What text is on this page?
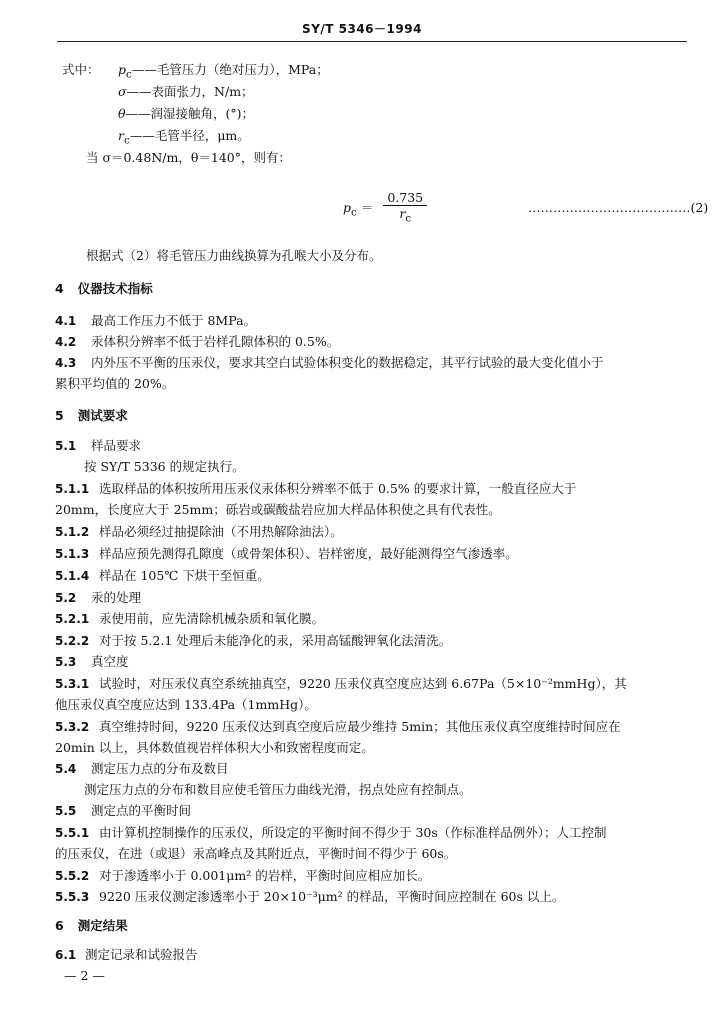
SY/T 5346－1994
式中： $p_c——$毛管压力（绝对压力），MPa；
σ——表面张力，N/m；
θ——润湿接触角，(°)；
$r_c——$毛管半径，μm。
当 σ＝0.48N/m，θ＝140°，则有：
$p_c = \frac{0.735}{r_c}$	…………………………………(2)
根据式（2）将毛管压力曲线换算为孔喉大小及分布。
4 仪器技术指标
4.1 最高工作压力不低于 8MPa。
4.2 汞体积分辨率不低于岩样孔隙体积的 0.5%。
4.3 内外压不平衡的压汞仪，要求其空白试验体积变化的数据稳定，其平行试验的最大变化值小于
累积平均值的 20%。
5 测试要求
5.1 样品要求
按 SY/T 5336 的规定执行。
5.1.1 选取样品的体积按所用压汞仪汞体积分辨率不低于 0.5% 的要求计算，一般直径应大于
20mm，长度应大于 25mm；砾岩或碳酸盐岩应加大样品体积使之具有代表性。
5.1.2 样品必须经过抽提除油（不用热解除油法）。
5.1.3 样品应预先测得孔隙度（或骨架体积）、岩样密度，最好能测得空气渗透率。
5.1.4 样品在 105℃ 下烘干至恒重。
5.2 汞的处理
5.2.1 汞使用前，应先清除机械杂质和氧化膜。
5.2.2 对于按 5.2.1 处理后未能净化的汞，采用高锰酸钾氧化法清洗。
5.3 真空度
5.3.1 试验时，对压汞仪真空系统抽真空，9220 压汞仪真空度应达到 6.67Pa（5×10⁻²mmHg），其
他压汞仪真空度应达到 133.4Pa（1mmHg）。
5.3.2 真空维持时间，9220 压汞仪达到真空度后应最少维持 5min；其他压汞仪真空度维持时间应在
20min 以上，具体数值视岩样体积大小和致密程度而定。
5.4 测定压力点的分布及数目
测定压力点的分布和数目应使毛管压力曲线光滑，拐点处应有控制点。
5.5 测定点的平衡时间
5.5.1 由计算机控制操作的压汞仪，所设定的平衡时间不得少于 30s（作标准样品例外）；人工控制
的压汞仪，在进（或退）汞高峰点及其附近点，平衡时间不得少于 60s。
5.5.2 对于渗透率小于 0.001μm² 的岩样，平衡时间应相应加长。
5.5.3 9220 压汞仪测定渗透率小于 20×10⁻³μm² 的样品，平衡时间应控制在 60s 以上。
6 测定结果
6.1 测定记录和试验报告
— 2 —
